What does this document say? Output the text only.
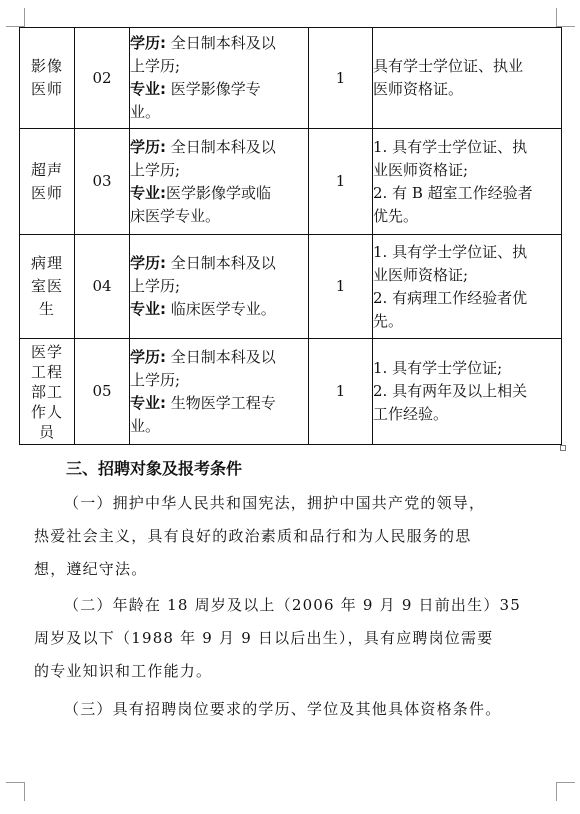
影像
医师	02	学历: 全日制本科及以
上学历;
专业: 医学影像学专
业。	1	具有学士学位证、执业
医师资格证。

超声
医师	03	学历: 全日制本科及以
上学历;
专业:医学影像学或临
床医学专业。	1	1. 具有学士学位证、执
业医师资格证;
2. 有 B 超室工作经验者
优先。

病理
室医
生	04	学历: 全日制本科及以
上学历;
专业: 临床医学专业。	1	1. 具有学士学位证、执
业医师资格证;
2. 有病理工作经验者优
先。

医学
工程
部工
作人
员	05	学历: 全日制本科及以
上学历;
专业: 生物医学工程专
业。	1	1. 具有学士学位证;
2. 具有两年及以上相关
工作经验。
三、招聘对象及报考条件
（一）拥护中华人民共和国宪法，拥护中国共产党的领导，
热爱社会主义，具有良好的政治素质和品行和为人民服务的思
想，遵纪守法。
（二）年龄在 18 周岁及以上（2006 年 9 月 9 日前出生）35
周岁及以下（1988 年 9 月 9 日以后出生），具有应聘岗位需要
的专业知识和工作能力。
（三）具有招聘岗位要求的学历、学位及其他具体资格条件。
